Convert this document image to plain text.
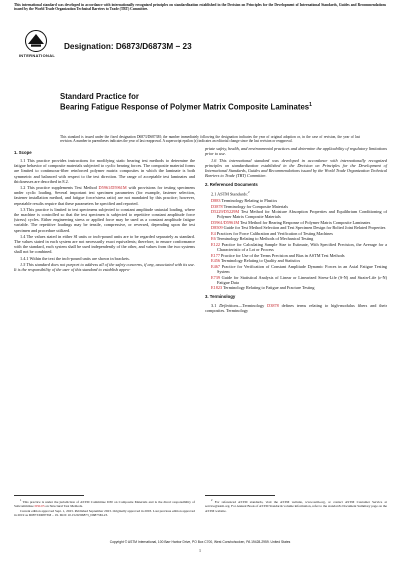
This international standard was developed in accordance with internationally recognized principles on standardization established in the Decision on Principles for the Development of International Standards, Guides and Recommendations issued by the World Trade Organization Technical Barriers to Trade (TBT) Committee.
INTERNATIONAL
Designation: D6873/D6873M − 23
Standard Practice for
Bearing Fatigue Response of Polymer Matrix Composite Laminates$^1$
This standard is issued under the fixed designation D6873/D6873M; the number immediately following the designation indicates the year of original adoption or, in the case of revision, the year of last revision. A number in parentheses indicates the year of last reapproval. A superscript epsilon (ε) indicates an editorial change since the last revision or reapproval.

1. Scope

1.1 This practice provides instructions for modifying static bearing test methods to determine the fatigue behavior of composite materials subjected to cyclic bearing forces. The composite material forms are limited to continuous-fiber reinforced polymer matrix composites in which the laminate is both symmetric and balanced with respect to the test direction. The range of acceptable test laminates and thicknesses are described in 8.2.

1.2 This practice supplements Test Method D5961/D5961M with provisions for testing specimens under cyclic loading. Several important test specimen parameters (for example, fastener selection, fastener installation method, and fatigue force/stress ratio) are not mandated by this practice; however, repeatable results require that these parameters be specified and reported.

1.3 This practice is limited to test specimens subjected to constant amplitude uniaxial loading, where the machine is controlled so that the test specimen is subjected to repetitive constant amplitude force (stress) cycles. Either engineering stress or applied force may be used as a constant amplitude fatigue variable. The repetitive loadings may be tensile, compressive, or reversed, depending upon the test specimen and procedure utilized.

1.4 The values stated in either SI units or inch-pound units are to be regarded separately as standard. The values stated in each system are not necessarily exact equivalents; therefore, to ensure conformance with the standard, each system shall be used independently of the other, and values from the two systems shall not be combined.

1.4.1 Within the text the inch-pound units are shown in brackets.

1.5 This standard does not purport to address all of the safety concerns, if any, associated with its use. It is the responsibility of the user of this standard to establish appro-

priate safety, health, and environmental practices and determine the applicability of regulatory limitations prior to use.

1.6 This international standard was developed in accordance with internationally recognized principles on standardization established in the Decision on Principles for the Development of International Standards, Guides and Recommendations issued by the World Trade Organization Technical Barriers to Trade (TBT) Committee.

2. Referenced Documents

2.1 ASTM Standards:$^2$

D883 Terminology Relating to Plastics
D3878 Terminology for Composite Materials
D5229/D5229M Test Method for Moisture Absorption Properties and Equilibrium Conditioning of Polymer Matrix Composite Materials
D5961/D5961M Test Method for Bearing Response of Polymer Matrix Composite Laminates
D8509 Guide for Test Method Selection and Test Specimen Design for Bolted Joint Related Properties
E4 Practices for Force Calibration and Verification of Testing Machines
E6 Terminology Relating to Methods of Mechanical Testing
E122 Practice for Calculating Sample Size to Estimate, With Specified Precision, the Average for a Characteristic of a Lot or Process
E177 Practice for Use of the Terms Precision and Bias in ASTM Test Methods
E456 Terminology Relating to Quality and Statistics
E467 Practice for Verification of Constant Amplitude Dynamic Forces in an Axial Fatigue Testing System
E739 Guide for Statistical Analysis of Linear or Linearized Stress-Life (S-N) and Strain-Life (ε-N) Fatigue Data
E1823 Terminology Relating to Fatigue and Fracture Testing

3. Terminology

3.1 Definitions—Terminology D3878 defines terms relating to high-modulus fibers and their composites. Terminology

$^1$ This practice is under the jurisdiction of ASTM Committee D30 on Composite Materials and is the direct responsibility of Subcommittee D30.05 on Structural Test Methods.
Current edition approved Sept. 1, 2023. Published September 2023. Originally approved in 2003. Last previous edition approved in 2019 as D6873/D6873M – 19. DOI: 10.1520/D6873_D6873M-23.
$^2$ For referenced ASTM standards, visit the ASTM website, www.astm.org, or contact ASTM Customer Service at service@astm.org. For Annual Book of ASTM Standards volume information, refer to the standard's Document Summary page on the ASTM website.
Copyright © ASTM International, 100 Barr Harbor Drive, PO Box C700, West Conshohocken, PA 19428-2959. United States
1
